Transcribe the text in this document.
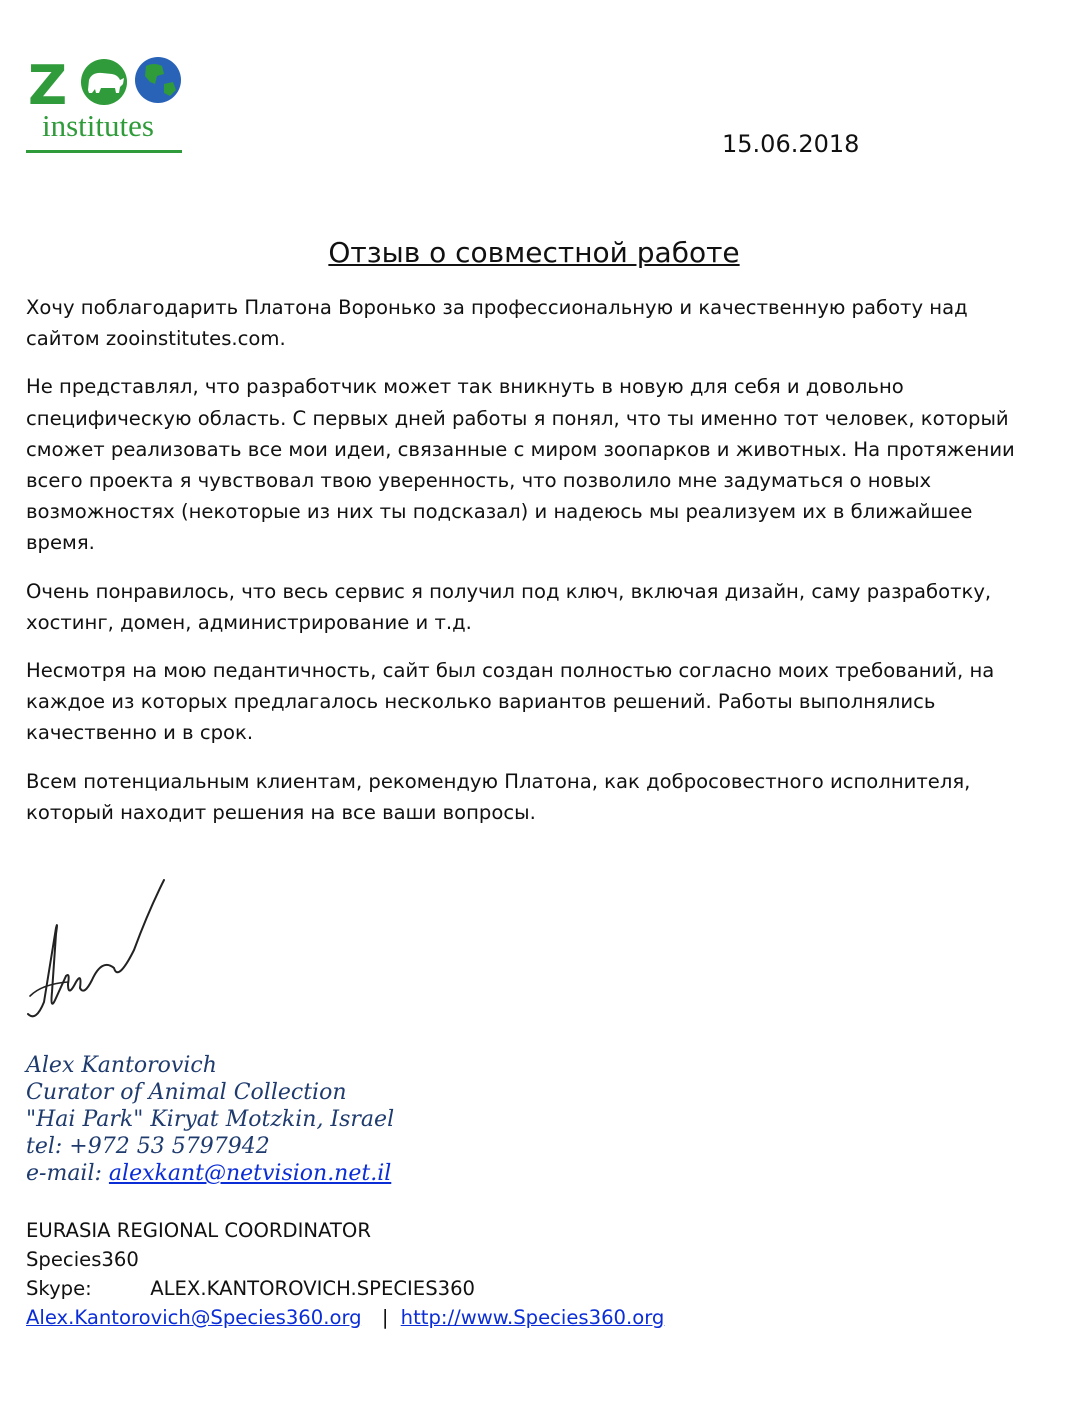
Z
institutes
15.06.2018
Отзыв о совместной работе

Хочу поблагодарить Платона Воронько за профессиональную и качественную работу над сайтом zooinstitutes.com.

Не представлял, что разработчик может так вникнуть в новую для себя и довольно специфическую область. С первых дней работы я понял, что ты именно тот человек, который сможет реализовать все мои идеи, связанные с миром зоопарков и животных. На протяжении всего проекта я чувствовал твою уверенность, что позволило мне задуматься о новых возможностях (некоторые из них ты подсказал) и надеюсь мы реализуем их в ближайшее время.

Очень понравилось, что весь сервис я получил под ключ, включая дизайн, саму разработку, хостинг, домен, администрирование и т.д.

Несмотря на мою педантичность, сайт был создан полностью согласно моих требований, на каждое из которых предлагалось несколько вариантов решений. Работы выполнялись качественно и в срок.

Всем потенциальным клиентам, рекомендую Платона, как добросовестного исполнителя, который находит решения на все ваши вопросы.

Alex Kantorovich
Curator of Animal Collection
"Hai Park" Kiryat Motzkin, Israel
tel: +972 53 5797942
e-mail: alexkant@netvision.net.il
EURASIA REGIONAL COORDINATOR
Species360
Skype:	ALEX.KANTOROVICH.SPECIES360
Alex.Kantorovich@Species360.org | http://www.Species360.org
